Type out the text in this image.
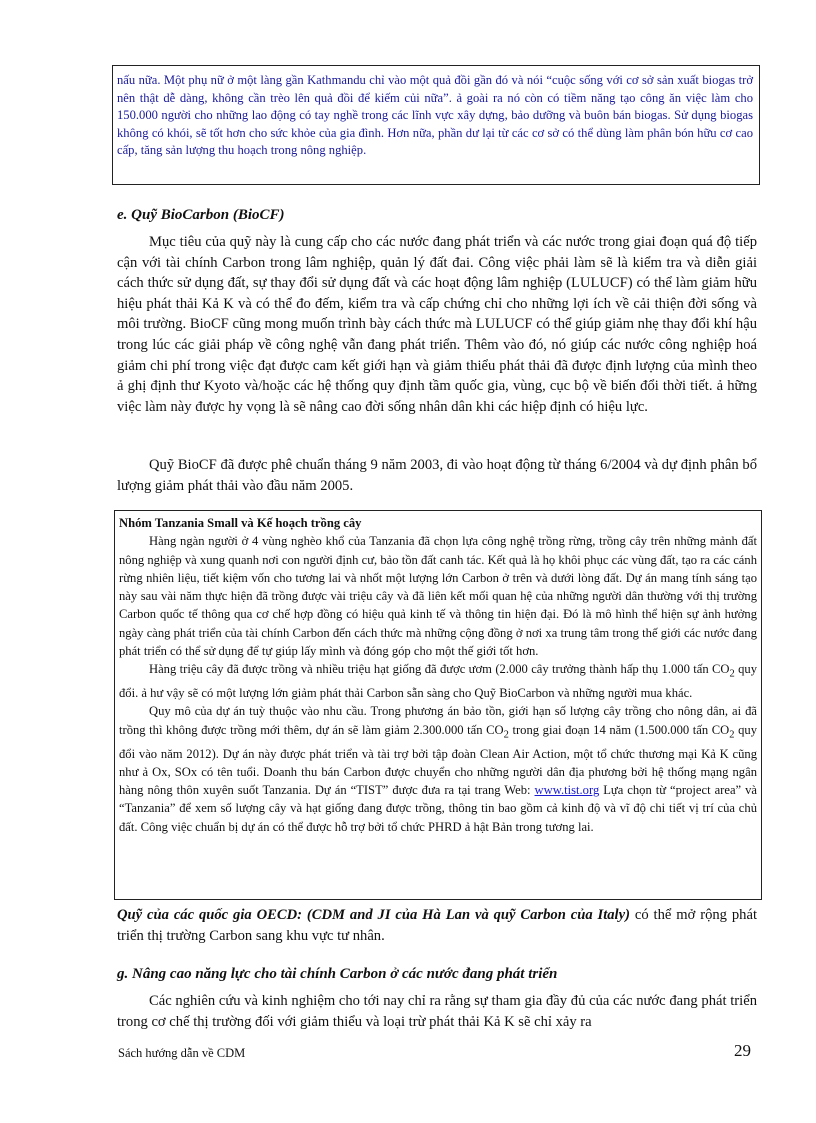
nấu nữa. Một phụ nữ ở một làng gần Kathmandu chỉ vào một quả đồi gần đó và nói “cuộc sống với cơ sở sản xuất biogas trở nên thật dễ dàng, không cần trèo lên quả đồi để kiếm củi nữa”. ả goài ra nó còn có tiềm năng tạo công ăn việc làm cho 150.000 người cho những lao động có tay nghề trong các lĩnh vực xây dựng, bảo dưỡng và buôn bán biogas. Sử dụng biogas không có khói, sẽ tốt hơn cho sức khỏe của gia đình. Hơn nữa, phần dư lại từ các cơ sở có thể dùng làm phân bón hữu cơ cao cấp, tăng sản lượng thu hoạch trong nông nghiệp.
e. Quỹ BioCarbon (BioCF)

Mục tiêu của quỹ này là cung cấp cho các nước đang phát triển và các nước trong giai đoạn quá độ tiếp cận với tài chính Carbon trong lâm nghiệp, quản lý đất đai. Công việc phải làm sẽ là kiểm tra và diễn giải cách thức sử dụng đất, sự thay đổi sử dụng đất và các hoạt động lâm nghiệp (LULUCF) có thể làm giảm hữu hiệu phát thải Kả K và có thể đo đếm, kiểm tra và cấp chứng chỉ cho những lợi ích về cải thiện đời sống và môi trường. BioCF cũng mong muốn trình bày cách thức mà LULUCF có thể giúp giảm nhẹ thay đổi khí hậu trong lúc các giải pháp về công nghệ vẫn đang phát triển. Thêm vào đó, nó giúp các nước công nghiệp hoá giảm chi phí trong việc đạt được cam kết giới hạn và giảm thiểu phát thải đã được định lượng của mình theo ả ghị định thư Kyoto và/hoặc các hệ thống quy định tầm quốc gia, vùng, cục bộ về biến đổi thời tiết. ả hững việc làm này được hy vọng là sẽ nâng cao đời sống nhân dân khi các hiệp định có hiệu lực.

Quỹ BioCF đã được phê chuẩn tháng 9 năm 2003, đi vào hoạt động từ tháng 6/2004 và dự định phân bổ lượng giảm phát thải vào đầu năm 2005.

Nhóm Tanzania Small và Kế hoạch trồng cây

Hàng ngàn người ở 4 vùng nghèo khổ của Tanzania đã chọn lựa công nghệ trồng rừng, trồng cây trên những mảnh đất nông nghiệp và xung quanh nơi con người định cư, bảo tồn đất canh tác. Kết quả là họ khôi phục các vùng đất, tạo ra các cánh rừng nhiên liệu, tiết kiệm vốn cho tương lai và nhốt một lượng lớn Carbon ở trên và dưới lòng đất. Dự án mang tính sáng tạo này sau vài năm thực hiện đã trồng được vài triệu cây và đã liên kết mối quan hệ của những người dân thường với thị trường Carbon quốc tế thông qua cơ chế hợp đồng có hiệu quả kinh tế và thông tin hiện đại. Đó là mô hình thể hiện sự ảnh hưởng ngày càng phát triển của tài chính Carbon đến cách thức mà những cộng đồng ở nơi xa trung tâm trong thế giới các nước đang phát triển có thể sử dụng để tự giúp lấy mình và đóng góp cho một thế giới tốt hơn.

Hàng triệu cây đã được trồng và nhiều triệu hạt giống đã được ươm (2.000 cây trưởng thành hấp thụ 1.000 tấn $CO_2$ quy đổi. ả hư vậy sẽ có một lượng lớn giảm phát thải Carbon sẵn sàng cho Quỹ BioCarbon và những người mua khác.

Quy mô của dự án tuỳ thuộc vào nhu cầu. Trong phương án bảo tồn, giới hạn số lượng cây trồng cho nông dân, ai đã trồng thì không được trồng mới thêm, dự án sẽ làm giảm 2.300.000 tấn $CO_2$ trong giai đoạn 14 năm (1.500.000 tấn $CO_2$ quy đổi vào năm 2012). Dự án này được phát triển và tài trợ bởi tập đoàn Clean Air Action, một tổ chức thương mại Kả K cũng như ả Ox, SOx có tên tuổi. Doanh thu bán Carbon được chuyển cho những người dân địa phương bởi hệ thống mạng ngân hàng nông thôn xuyên suốt Tanzania. Dự án “TIST” được đưa ra tại trang Web: www.tist.org Lựa chọn từ “project area” và “Tanzania” để xem số lượng cây và hạt giống đang được trồng, thông tin bao gồm cả kinh độ và vĩ độ chi tiết vị trí của chủ đất. Công việc chuẩn bị dự án có thể được hỗ trợ bởi tổ chức PHRD ả hật Bản trong tương lai.

Quỹ của các quốc gia OECD: (CDM and JI của Hà Lan và quỹ Carbon của Italy) có thể mở rộng phát triển thị trường Carbon sang khu vực tư nhân.

g. Nâng cao năng lực cho tài chính Carbon ở các nước đang phát triển

Các nghiên cứu và kinh nghiệm cho tới nay chỉ ra rằng sự tham gia đầy đủ của các nước đang phát triển trong cơ chế thị trường đối với giảm thiểu và loại trừ phát thải Kả K sẽ chỉ xảy ra

Sách hướng dẫn về CDM	29
